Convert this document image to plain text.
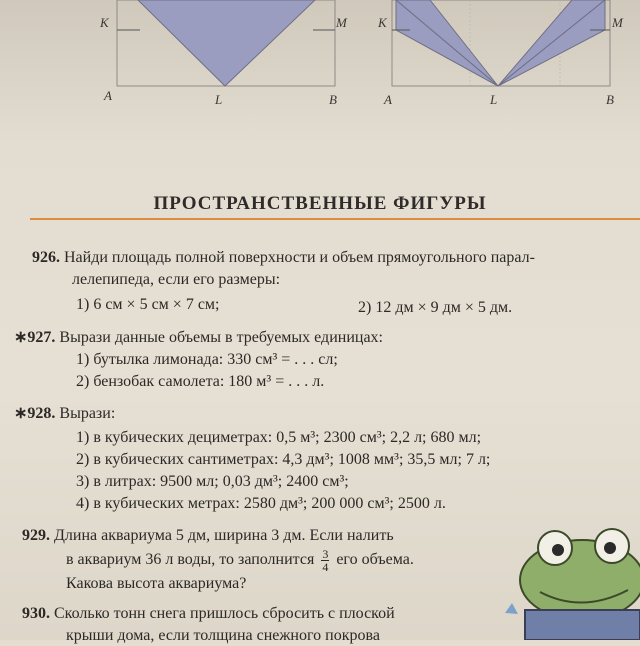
K	M
A	L	B
K	M
A	L	B
ПРОСТРАНСТВЕННЫЕ ФИГУРЫ
926. Найди площадь полной поверхности и объем прямоугольного парал-
лелепипеда, если его размеры:
1) 6 см × 5 см × 7 см;	2) 12 дм × 9 дм × 5 дм.
∗927. Вырази данные объемы в требуемых единицах:
1) бутылка лимонада: 330 см³ = . . . сл;
2) бензобак самолета: 180 м³ = . . . л.
∗928. Вырази:
1) в кубических дециметрах: 0,5 м³; 2300 см³; 2,2 л; 680 мл;
2) в кубических сантиметрах: 4,3 дм³; 1008 мм³; 35,5 мл; 7 л;
3) в литрах: 9500 мл; 0,03 дм³; 2400 см³;
4) в кубических метрах: 2580 дм³; 200 000 см³; 2500 л.
929. Длина аквариума 5 дм, ширина 3 дм. Если налить
в аквариум 36 л воды, то заполнится $\frac{3}{4}$ его объема.
Какова высота аквариума?
930. Сколько тонн снега пришлось сбросить с плоской
крыши дома, если толщина снежного покрова
